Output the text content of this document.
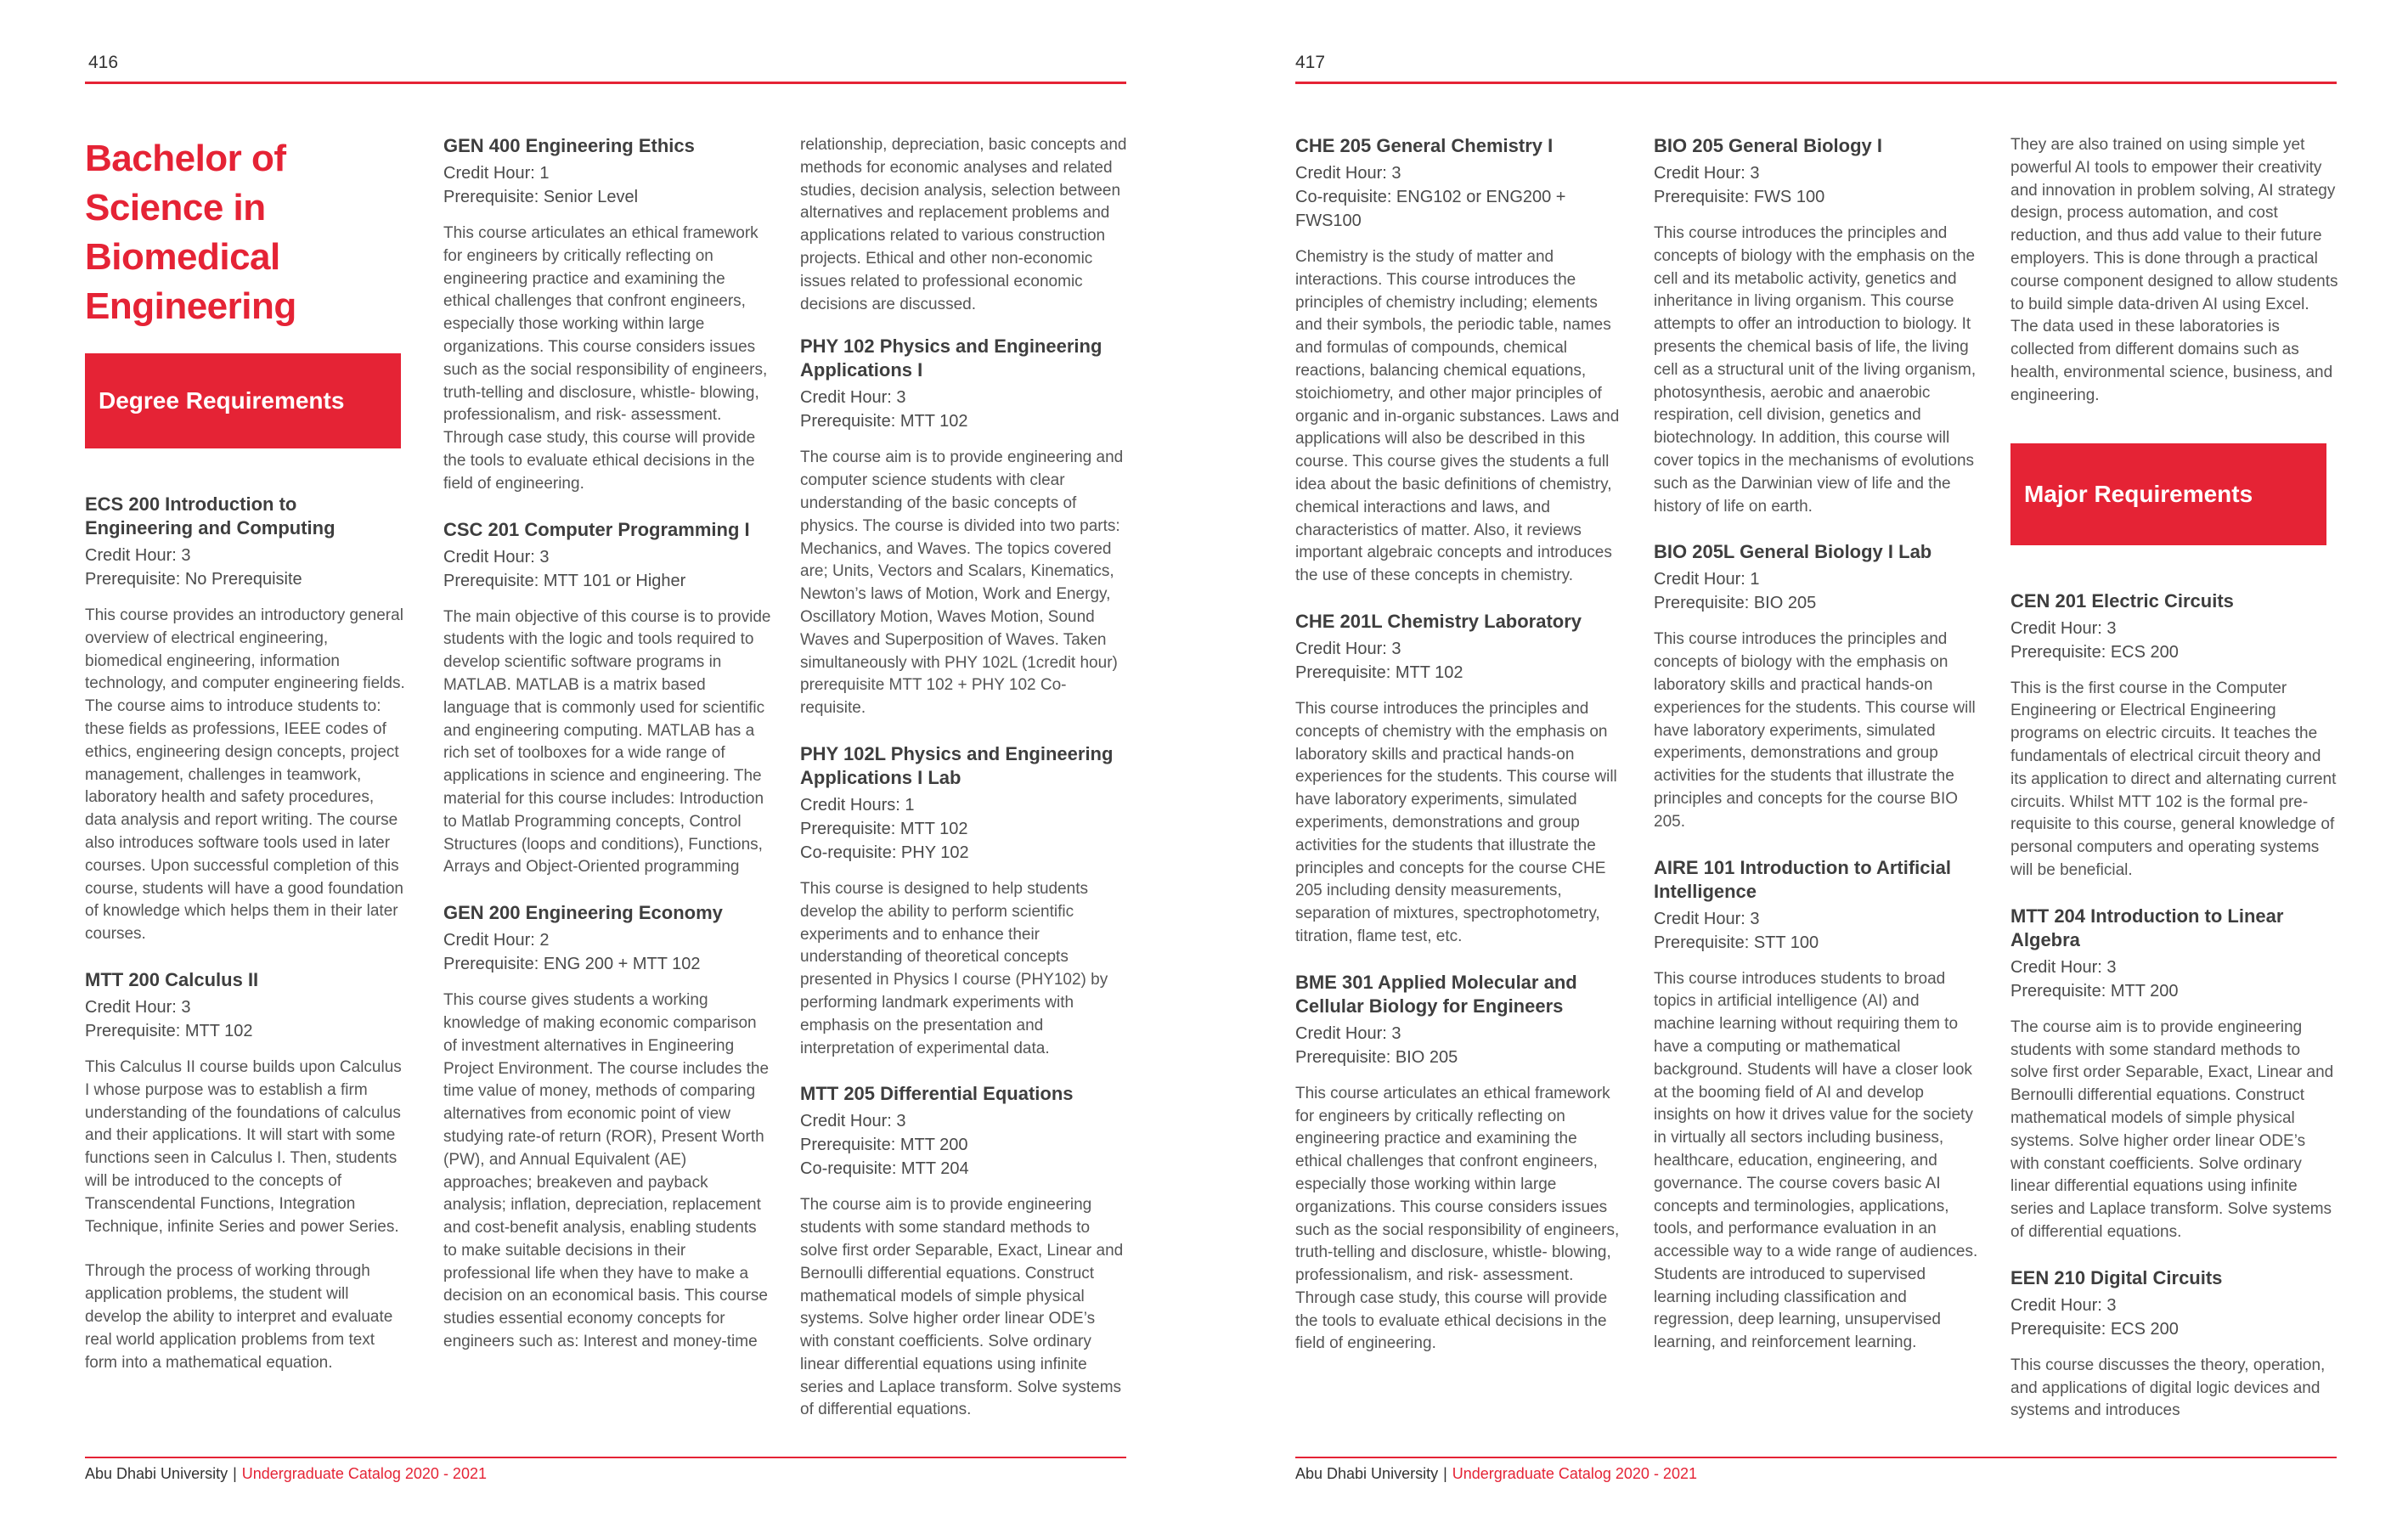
416
Bachelor of Science in Biomedical Engineering
Degree Requirements
ECS 200 Introduction to Engineering and Computing
Credit Hour: 3
Prerequisite: No Prerequisite
This course provides an introductory general overview of electrical engineering, biomedical engineering, information technology, and computer engineering fields. The course aims to introduce students to: these fields as professions, IEEE codes of ethics, engineering design concepts, project management, challenges in teamwork, laboratory health and safety procedures, data analysis and report writing. The course also introduces software tools used in later courses. Upon successful completion of this course, students will have a good foundation of knowledge which helps them in their later courses.
MTT 200 Calculus II
Credit Hour: 3
Prerequisite: MTT 102
This Calculus II course builds upon Calculus I whose purpose was to establish a firm understanding of the foundations of calculus and their applications. It will start with some functions seen in Calculus I. Then, students will be introduced to the concepts of Transcendental Functions, Integration Technique, infinite Series and power Series.
Through the process of working through application problems, the student will develop the ability to interpret and evaluate real world application problems from text form into a mathematical equation.
GEN 400 Engineering Ethics
Credit Hour: 1
Prerequisite: Senior Level
This course articulates an ethical framework for engineers by critically reflecting on engineering practice and examining the ethical challenges that confront engineers, especially those working within large organizations. This course considers issues such as the social responsibility of engineers, truth-telling and disclosure, whistle- blowing, professionalism, and risk- assessment. Through case study, this course will provide the tools to evaluate ethical decisions in the field of engineering.
CSC 201 Computer Programming I
Credit Hour: 3
Prerequisite: MTT 101 or Higher
The main objective of this course is to provide students with the logic and tools required to develop scientific software programs in MATLAB. MATLAB is a matrix based language that is commonly used for scientific and engineering computing. MATLAB has a rich set of toolboxes for a wide range of applications in science and engineering. The material for this course includes: Introduction to Matlab Programming concepts, Control Structures (loops and conditions), Functions, Arrays and Object-Oriented programming
GEN 200 Engineering Economy
Credit Hour: 2
Prerequisite: ENG 200 + MTT 102
This course gives students a working knowledge of making economic comparison of investment alternatives in Engineering Project Environment. The course includes the time value of money, methods of comparing alternatives from economic point of view studying rate-of return (ROR), Present Worth (PW), and Annual Equivalent (AE) approaches; breakeven and payback analysis; inflation, depreciation, replacement and cost-benefit analysis, enabling students to make suitable decisions in their professional life when they have to make a decision on an economical basis. This course studies essential economy concepts for engineers such as: Interest and money-time
relationship, depreciation, basic concepts and methods for economic analyses and related studies, decision analysis, selection between alternatives and replacement problems and applications related to various construction projects. Ethical and other non-economic issues related to professional economic decisions are discussed.
PHY 102 Physics and Engineering Applications I
Credit Hour: 3
Prerequisite: MTT 102
The course aim is to provide engineering and computer science students with clear understanding of the basic concepts of physics. The course is divided into two parts: Mechanics, and Waves. The topics covered are; Units, Vectors and Scalars, Kinematics, Newton’s laws of Motion, Work and Energy, Oscillatory Motion, Waves Motion, Sound Waves and Superposition of Waves. Taken simultaneously with PHY 102L (1credit hour) prerequisite MTT 102 + PHY 102 Co-requisite.
PHY 102L Physics and Engineering Applications I Lab
Credit Hours: 1
Prerequisite: MTT 102
Co-requisite: PHY 102
This course is designed to help students develop the ability to perform scientific experiments and to enhance their understanding of theoretical concepts presented in Physics I course (PHY102) by performing landmark experiments with emphasis on the presentation and interpretation of experimental data.
MTT 205 Differential Equations
Credit Hour: 3
Prerequisite: MTT 200
Co-requisite: MTT 204
The course aim is to provide engineering students with some standard methods to solve first order Separable, Exact, Linear and Bernoulli differential equations. Construct mathematical models of simple physical systems. Solve higher order linear ODE’s with constant coefficients. Solve ordinary linear differential equations using infinite series and Laplace transform. Solve systems of differential equations.
Abu Dhabi University | Undergraduate Catalog 2020 - 2021
417
CHE 205 General Chemistry I
Credit Hour: 3
Co-requisite: ENG102 or ENG200 + FWS100
Chemistry is the study of matter and interactions. This course introduces the principles of chemistry including; elements and their symbols, the periodic table, names and formulas of compounds, chemical reactions, balancing chemical equations, stoichiometry, and other major principles of organic and in-organic substances. Laws and applications will also be described in this course. This course gives the students a full idea about the basic definitions of chemistry, chemical interactions and laws, and characteristics of matter. Also, it reviews important algebraic concepts and introduces the use of these concepts in chemistry.
CHE 201L Chemistry Laboratory
Credit Hour: 3
Prerequisite: MTT 102
This course introduces the principles and concepts of chemistry with the emphasis on laboratory skills and practical hands-on experiences for the students. This course will have laboratory experiments, simulated experiments, demonstrations and group activities for the students that illustrate the principles and concepts for the course CHE 205 including density measurements, separation of mixtures, spectrophotometry, titration, flame test, etc.
BME 301 Applied Molecular and Cellular Biology for Engineers
Credit Hour: 3
Prerequisite: BIO 205
This course articulates an ethical framework for engineers by critically reflecting on engineering practice and examining the ethical challenges that confront engineers, especially those working within large organizations. This course considers issues such as the social responsibility of engineers, truth-telling and disclosure, whistle- blowing, professionalism, and risk- assessment. Through case study, this course will provide the tools to evaluate ethical decisions in the field of engineering.
BIO 205 General Biology I
Credit Hour: 3
Prerequisite: FWS 100
This course introduces the principles and concepts of biology with the emphasis on the cell and its metabolic activity, genetics and inheritance in living organism. This course attempts to offer an introduction to biology. It presents the chemical basis of life, the living cell as a structural unit of the living organism, photosynthesis, aerobic and anaerobic respiration, cell division, genetics and biotechnology. In addition, this course will cover topics in the mechanisms of evolutions such as the Darwinian view of life and the history of life on earth.
BIO 205L General Biology I Lab
Credit Hour: 1
Prerequisite: BIO 205
This course introduces the principles and concepts of biology with the emphasis on laboratory skills and practical hands-on experiences for the students. This course will have laboratory experiments, simulated experiments, demonstrations and group activities for the students that illustrate the principles and concepts for the course BIO 205.
AIRE 101 Introduction to Artificial Intelligence
Credit Hour: 3
Prerequisite: STT 100
This course introduces students to broad topics in artificial intelligence (AI) and machine learning without requiring them to have a computing or mathematical background. Students will have a closer look at the booming field of AI and develop insights on how it drives value for the society in virtually all sectors including business, healthcare, education, engineering, and governance. The course covers basic AI concepts and terminologies, applications, tools, and performance evaluation in an accessible way to a wide range of audiences. Students are introduced to supervised learning including classification and regression, deep learning, unsupervised learning, and reinforcement learning.
They are also trained on using simple yet powerful AI tools to empower their creativity and innovation in problem solving, AI strategy design, process automation, and cost reduction, and thus add value to their future employers. This is done through a practical course component designed to allow students to build simple data-driven AI using Excel. The data used in these laboratories is collected from different domains such as health, environmental science, business, and engineering.
Major Requirements
CEN 201 Electric Circuits
Credit Hour: 3
Prerequisite: ECS 200
This is the first course in the Computer Engineering or Electrical Engineering programs on electric circuits. It teaches the fundamentals of electrical circuit theory and its application to direct and alternating current circuits. Whilst MTT 102 is the formal pre-requisite to this course, general knowledge of personal computers and operating systems will be beneficial.
MTT 204 Introduction to Linear Algebra
Credit Hour: 3
Prerequisite: MTT 200
The course aim is to provide engineering students with some standard methods to solve first order Separable, Exact, Linear and Bernoulli differential equations. Construct mathematical models of simple physical systems. Solve higher order linear ODE’s with constant coefficients. Solve ordinary linear differential equations using infinite series and Laplace transform. Solve systems of differential equations.
EEN 210 Digital Circuits
Credit Hour: 3
Prerequisite: ECS 200
This course discusses the theory, operation, and applications of digital logic devices and systems and introduces
Abu Dhabi University | Undergraduate Catalog 2020 - 2021
